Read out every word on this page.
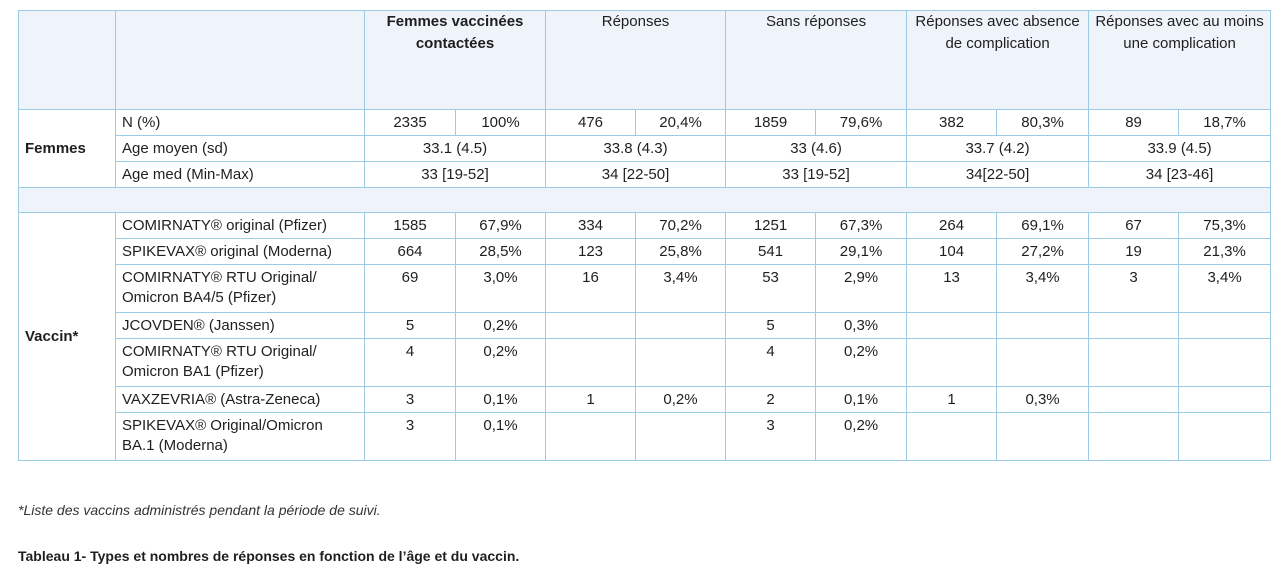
		Femmes vaccinées contactées		Réponses		Sans réponses		Réponses avec absence de complication		Réponses avec au moins une complication	
Femmes	N (%)	2335	100%	476	20,4%	1859	79,6%	382	80,3%	89	18,7%
	Age moyen (sd)	33.1 (4.5)		33.8 (4.3)		33 (4.6)		33.7 (4.2)		33.9 (4.5)	
	Age med (Min-Max)	33 [19-52]		34 [22-50]		33 [19-52]		34[22-50]		34 [23-46]	

Vaccin*	COMIRNATY® original (Pfizer)	1585	67,9%	334	70,2%	1251	67,3%	264	69,1%	67	75,3%
	SPIKEVAX® original (Moderna)	664	28,5%	123	25,8%	541	29,1%	104	27,2%	19	21,3%
	COMIRNATY® RTU Original/ Omicron BA4/5 (Pfizer)	69	3,0%	16	3,4%	53	2,9%	13	3,4%	3	3,4%
	JCOVDEN® (Janssen)	5	0,2%			5	0,3%				
	COMIRNATY® RTU Original/ Omicron BA1 (Pfizer)	4	0,2%			4	0,2%				
	VAXZEVRIA® (Astra-Zeneca)	3	0,1%	1	0,2%	2	0,1%	1	0,3%		
	SPIKEVAX® Original/Omicron BA.1 (Moderna)	3	0,1%			3	0,2%				
*Liste des vaccins administrés pendant la période de suivi.
Tableau 1- Types et nombres de réponses en fonction de l’âge et du vaccin.
